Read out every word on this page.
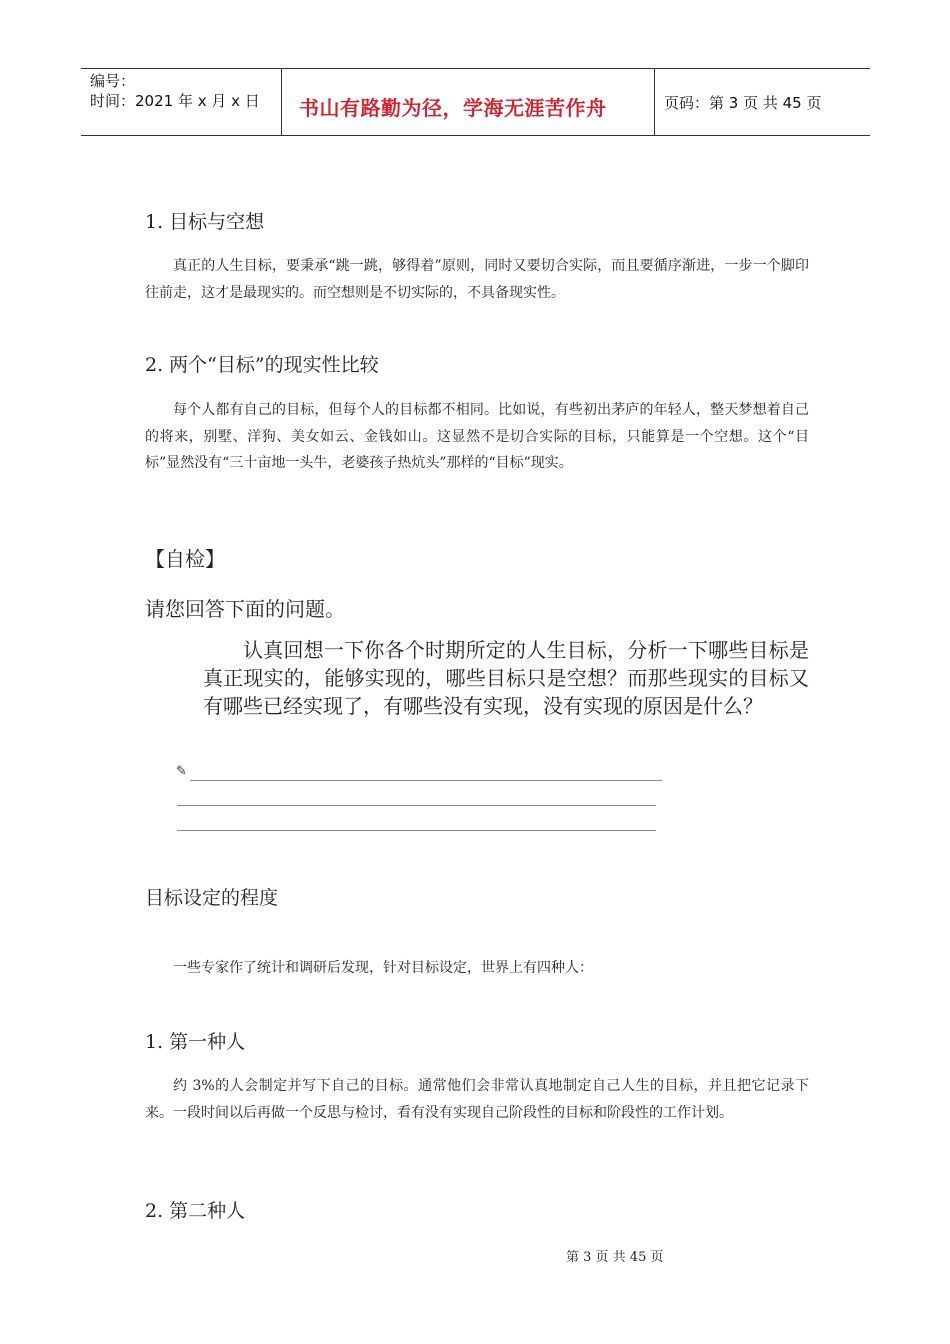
编号：
时间：2021 年 x 月 x 日 书山有路勤为径，学海无涯苦作舟	页码：第 3 页 共 45 页
1. 目标与空想
真正的人生目标，要秉承“跳一跳，够得着”原则，同时又要切合实际，而且要循序渐进，一步一个脚印往前走，这才是最现实的。而空想则是不切实际的，不具备现实性。
2. 两个“目标”的现实性比较
每个人都有自己的目标，但每个人的目标都不相同。比如说，有些初出茅庐的年轻人，整天梦想着自己的将来，别墅、洋狗、美女如云、金钱如山。这显然不是切合实际的目标，只能算是一个空想。这个“目标”显然没有“三十亩地一头牛，老婆孩子热炕头”那样的“目标”现实。
【自检】
请您回答下面的问题。
认真回想一下你各个时期所定的人生目标，分析一下哪些目标是真正现实的，能够实现的，哪些目标只是空想？而那些现实的目标又有哪些已经实现了，有哪些没有实现，没有实现的原因是什么？
✎
目标设定的程度
一些专家作了统计和调研后发现，针对目标设定，世界上有四种人：
1. 第一种人
约 3%的人会制定并写下自己的目标。通常他们会非常认真地制定自己人生的目标，并且把它记录下来。一段时间以后再做一个反思与检讨，看有没有实现自己阶段性的目标和阶段性的工作计划。
2. 第二种人
第 3 页 共 45 页
